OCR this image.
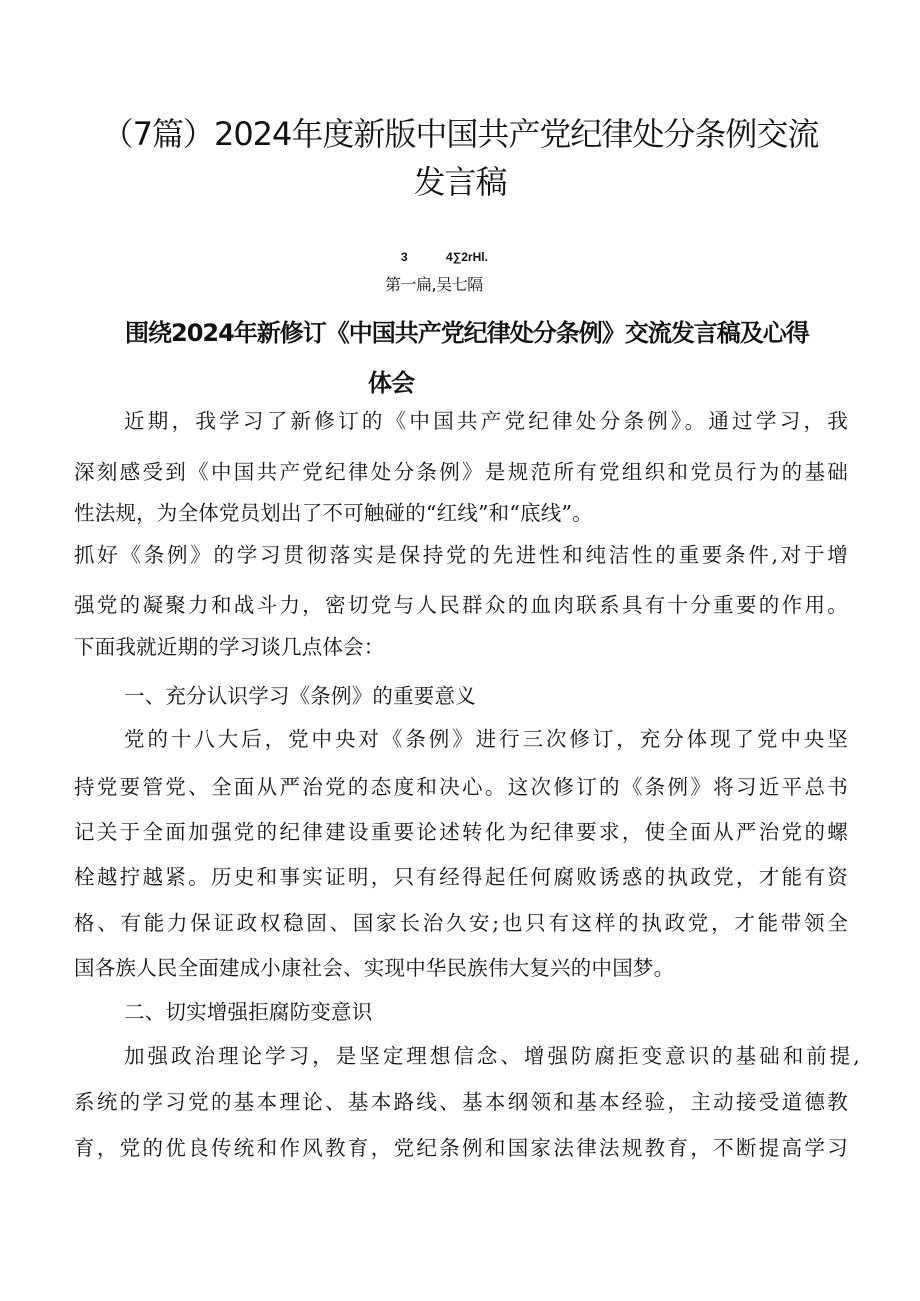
（7篇）2024年度新版中国共产党纪律处分条例交流
发言稿
3	4∑2rHl.
第一扁,吴七隔
围绕2024年新修订《中国共产党纪律处分条例》交流发言稿及心得
体会
近期，我学习了新修订的《中国共产党纪律处分条例》。通过学习，我
深刻感受到《中国共产党纪律处分条例》是规范所有党组织和党员行为的基础
性法规，为全体党员划出了不可触碰的“红线”和“底线”。
抓好《条例》的学习贯彻落实是保持党的先进性和纯洁性的重要条件,对于增
强党的凝聚力和战斗力，密切党与人民群众的血肉联系具有十分重要的作用。
下面我就近期的学习谈几点体会：
一、充分认识学习《条例》的重要意义
党的十八大后，党中央对《条例》进行三次修订，充分体现了党中央坚
持党要管党、全面从严治党的态度和决心。这次修订的《条例》将习近平总书
记关于全面加强党的纪律建设重要论述转化为纪律要求，使全面从严治党的螺
栓越拧越紧。历史和事实证明，只有经得起任何腐败诱惑的执政党，才能有资
格、有能力保证政权稳固、国家长治久安;也只有这样的执政党，才能带领全
国各族人民全面建成小康社会、实现中华民族伟大复兴的中国梦。
二、切实增强拒腐防变意识
加强政治理论学习，是坚定理想信念、增强防腐拒变意识的基础和前提,
系统的学习党的基本理论、基本路线、基本纲领和基本经验，主动接受道德教
育，党的优良传统和作风教育，党纪条例和国家法律法规教育，不断提高学习
